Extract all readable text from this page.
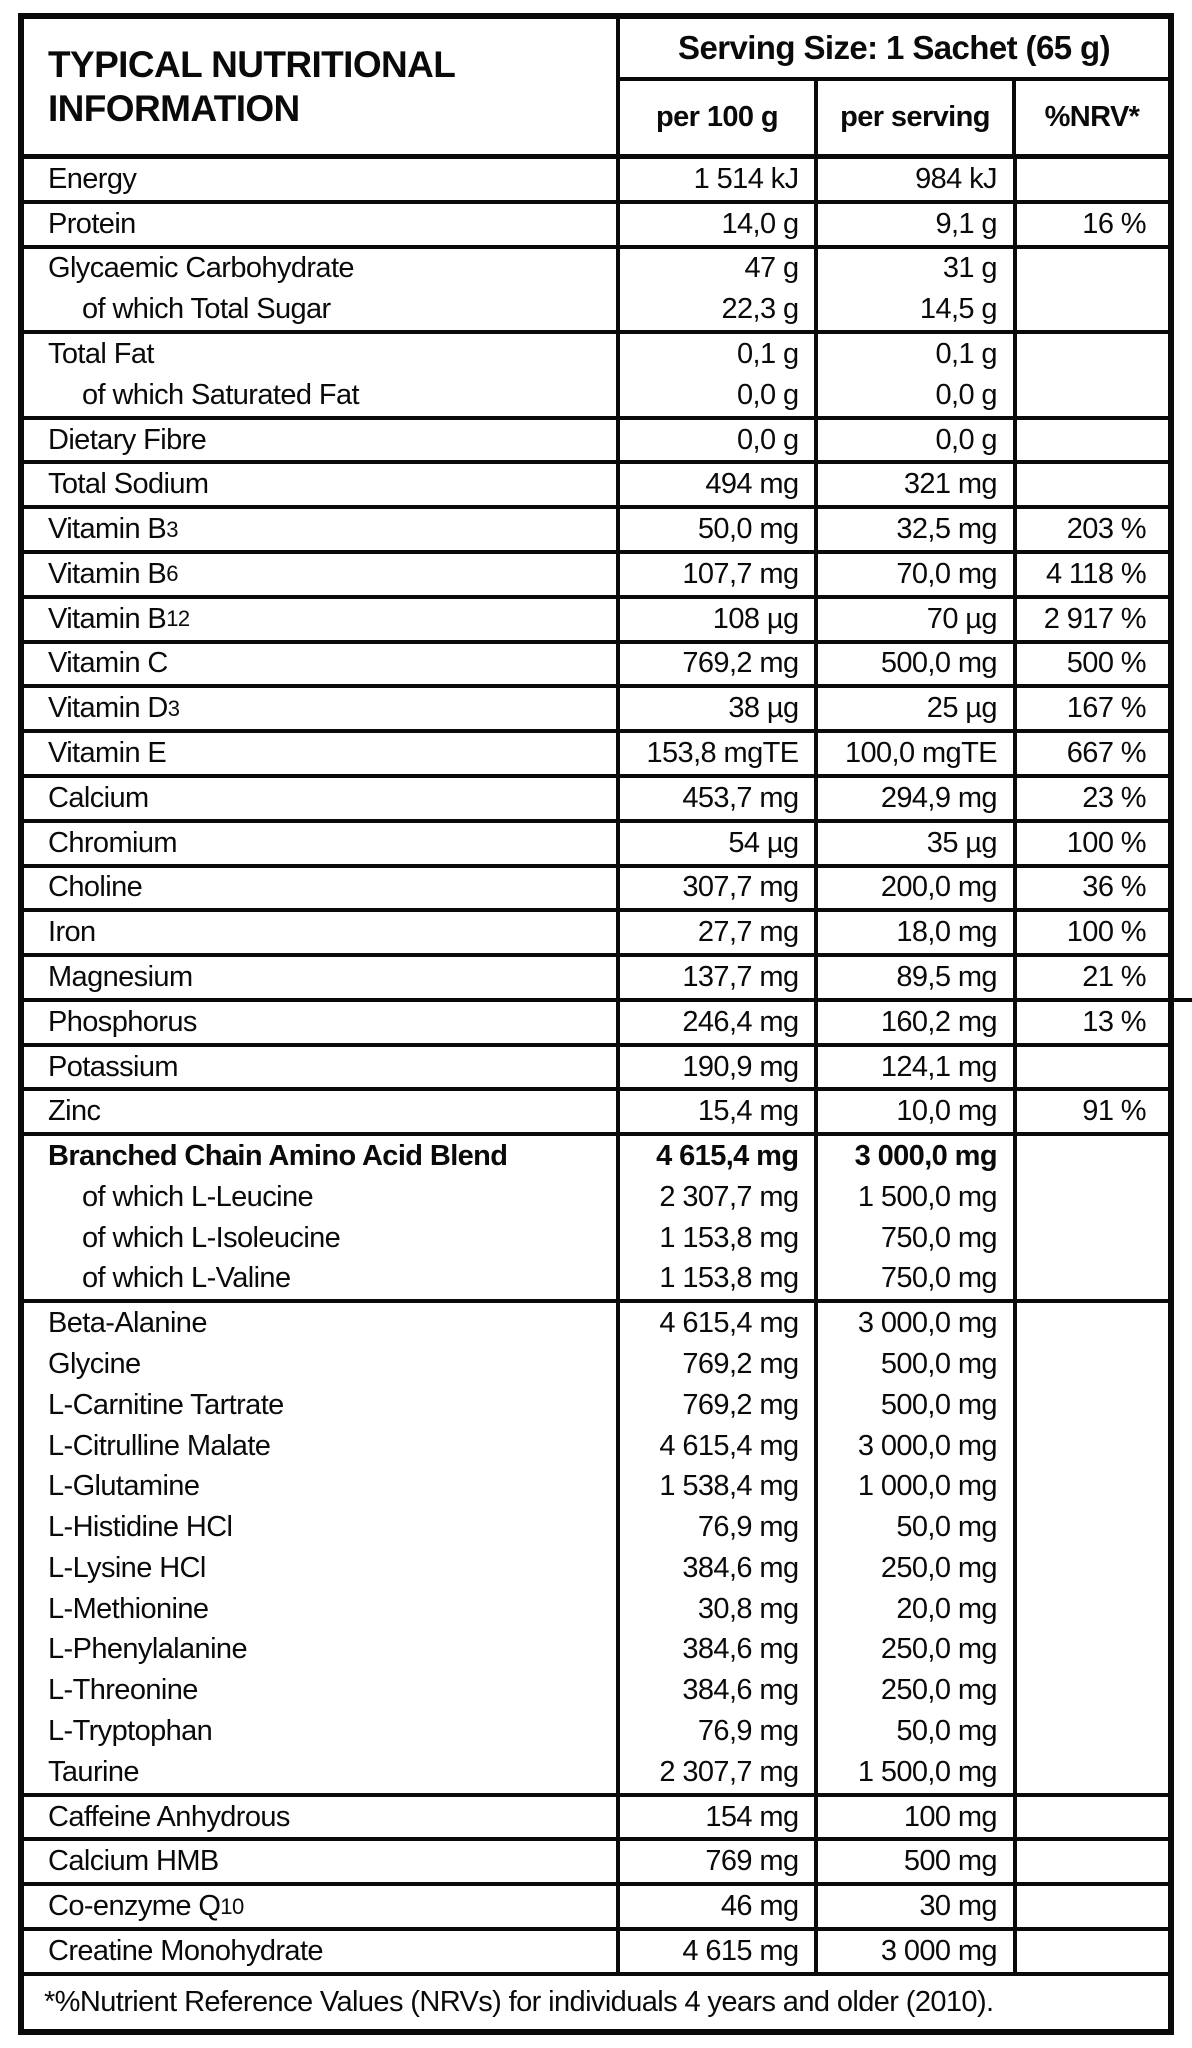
TYPICAL NUTRITIONAL INFORMATION
Serving Size: 1 Sachet (65 g)
per 100 g	per serving	%NRV*
Energy	1 514 kJ	984 kJ
Protein	14,0 g	9,1 g	16 %
Glycaemic Carbohydrate	47 g	31 g
of which Total Sugar	22,3 g	14,5 g
Total Fat	0,1 g	0,1 g
of which Saturated Fat	0,0 g	0,0 g
Dietary Fibre	0,0 g	0,0 g
Total Sodium	494 mg	321 mg
Vitamin B 3	50,0 mg	32,5 mg	203 %
Vitamin B 6	107,7 mg	70,0 mg	4 118 %
Vitamin B 12	108 µg	70 µg	2 917 %
Vitamin C	769,2 mg	500,0 mg	500 %
Vitamin D 3	38 µg	25 µg	167 %
Vitamin E	153,8 mgTE	100,0 mgTE	667 %
Calcium	453,7 mg	294,9 mg	23 %
Chromium	54 µg	35 µg	100 %
Choline	307,7 mg	200,0 mg	36 %
Iron	27,7 mg	18,0 mg	100 %
Magnesium	137,7 mg	89,5 mg	21 %
Phosphorus	246,4 mg	160,2 mg	13 %
Potassium	190,9 mg	124,1 mg
Zinc	15,4 mg	10,0 mg	91 %
Branched Chain Amino Acid Blend	4 615,4 mg	3 000,0 mg
of which L-Leucine	2 307,7 mg	1 500,0 mg
of which L-Isoleucine	1 153,8 mg	750,0 mg
of which L-Valine	1 153,8 mg	750,0 mg
Beta-Alanine	4 615,4 mg	3 000,0 mg
Glycine	769,2 mg	500,0 mg
L-Carnitine Tartrate	769,2 mg	500,0 mg
L-Citrulline Malate	4 615,4 mg	3 000,0 mg
L-Glutamine	1 538,4 mg	1 000,0 mg
L-Histidine HCl	76,9 mg	50,0 mg
L-Lysine HCl	384,6 mg	250,0 mg
L-Methionine	30,8 mg	20,0 mg
L-Phenylalanine	384,6 mg	250,0 mg
L-Threonine	384,6 mg	250,0 mg
L-Tryptophan	76,9 mg	50,0 mg
Taurine	2 307,7 mg	1 500,0 mg
Caffeine Anhydrous	154 mg	100 mg
Calcium HMB	769 mg	500 mg
Co-enzyme Q 10	46 mg	30 mg
Creatine Monohydrate	4 615 mg	3 000 mg
*%Nutrient Reference Values (NRVs) for individuals 4 years and older (2010).
